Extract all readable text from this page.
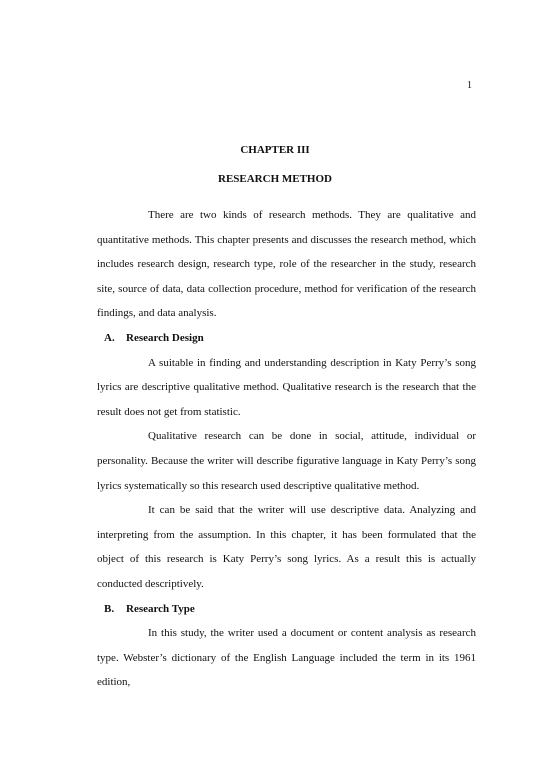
1
CHAPTER III
RESEARCH METHOD

There are two kinds of research methods. They are qualitative and quantitative methods. This chapter presents and discusses the research method, which includes research design, research type, role of the researcher in the study, research site, source of data, data collection procedure, method for verification of the research findings, and data analysis.

A. Research Design

A suitable in finding and understanding description in Katy Perry’s song lyrics are descriptive qualitative method. Qualitative research is the research that the result does not get from statistic.

Qualitative research can be done in social, attitude, individual or personality. Because the writer will describe figurative language in Katy Perry’s song lyrics systematically so this research used descriptive qualitative method.

It can be said that the writer will use descriptive data. Analyzing and interpreting from the assumption. In this chapter, it has been formulated that the object of this research is Katy Perry’s song lyrics. As a result this is actually conducted descriptively.

B. Research Type

In this study, the writer used a document or content analysis as research type. Webster’s dictionary of the English Language included the term in its 1961 edition,
